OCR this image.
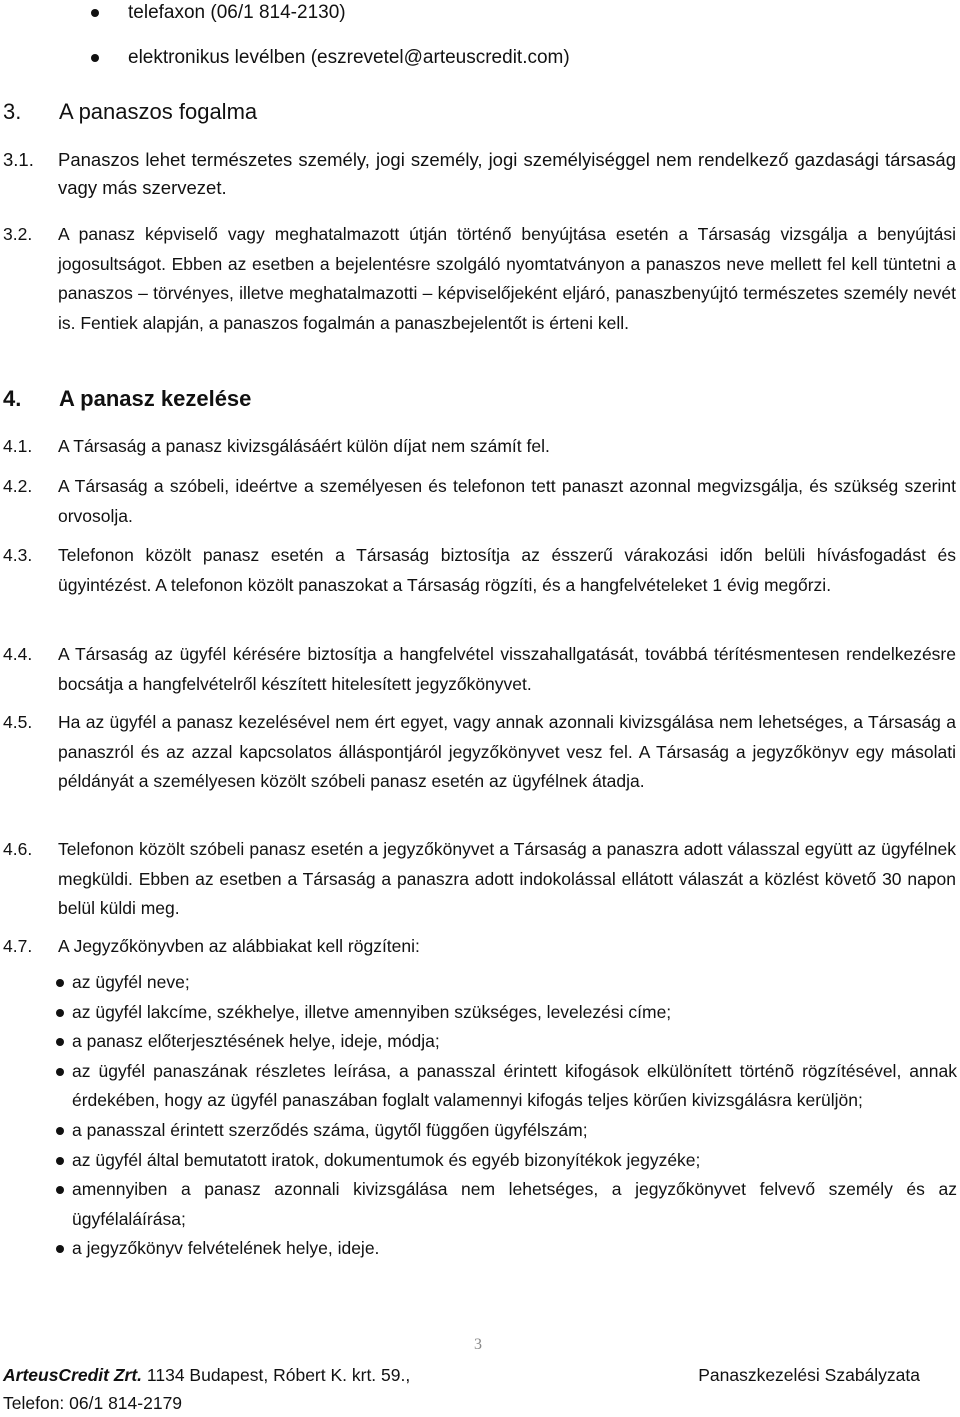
telefaxon (06/1 814-2130)
elektronikus levélben (eszrevetel@arteuscredit.com)
3. A panaszos fogalma
3.1. Panaszos lehet természetes személy, jogi személy, jogi személyiséggel nem rendelkező gazdasági társaság vagy más szervezet.
3.2. A panasz képviselő vagy meghatalmazott útján történő benyújtása esetén a Társaság vizsgálja a benyújtási jogosultságot. Ebben az esetben a bejelentésre szolgáló nyomtatványon a panaszos neve mellett fel kell tüntetni a panaszos – törvényes, illetve meghatalmazotti – képviselőjeként eljáró, panaszbenyújtó természetes személy nevét is. Fentiek alapján, a panaszos fogalmán a panaszbejelentőt is érteni kell.
4. A panasz kezelése
4.1. A Társaság a panasz kivizsgálásáért külön díjat nem számít fel.
4.2. A Társaság a szóbeli, ideértve a személyesen és telefonon tett panaszt azonnal megvizsgálja, és szükség szerint orvosolja.
4.3. Telefonon közölt panasz esetén a Társaság biztosítja az ésszerű várakozási időn belüli hívásfogadást és ügyintézést. A telefonon közölt panaszokat a Társaság rögzíti, és a hangfelvételeket 1 évig megőrzi.
4.4. A Társaság az ügyfél kérésére biztosítja a hangfelvétel visszahallgatását, továbbá térítésmentesen rendelkezésre bocsátja a hangfelvételről készített hitelesített jegyzőkönyvet.
4.5. Ha az ügyfél a panasz kezelésével nem ért egyet, vagy annak azonnali kivizsgálása nem lehetséges, a Társaság a panaszról és az azzal kapcsolatos álláspontjáról jegyzőkönyvet vesz fel. A Társaság a jegyzőkönyv egy másolati példányát a személyesen közölt szóbeli panasz esetén az ügyfélnek átadja.
4.6. Telefonon közölt szóbeli panasz esetén a jegyzőkönyvet a Társaság a panaszra adott válasszal együtt az ügyfélnek megküldi. Ebben az esetben a Társaság a panaszra adott indokolással ellátott válaszát a közlést követő 30 napon belül küldi meg.
4.7. A Jegyzőkönyvben az alábbiakat kell rögzíteni:
az ügyfél neve;
az ügyfél lakcíme, székhelye, illetve amennyiben szükséges, levelezési címe;
a panasz előterjesztésének helye, ideje, módja;
az ügyfél panaszának részletes leírása, a panasszal érintett kifogások elkülönített történõ rögzítésével, annak érdekében, hogy az ügyfél panaszában foglalt valamennyi kifogás teljes körűen kivizsgálásra kerüljön;
a panasszal érintett szerződés száma, ügytől függően ügyfélszám;
az ügyfél által bemutatott iratok, dokumentumok és egyéb bizonyítékok jegyzéke;
amennyiben a panasz azonnali kivizsgálása nem lehetséges, a jegyzőkönyvet felvevő személy és az ügyfélaláírása;
a jegyzőkönyv felvételének helye, ideje.
3
ArteusCredit Zrt. 1134 Budapest, Róbert K. krt. 59.,	Panaszkezelési Szabályzata
Telefon: 06/1 814-2179
